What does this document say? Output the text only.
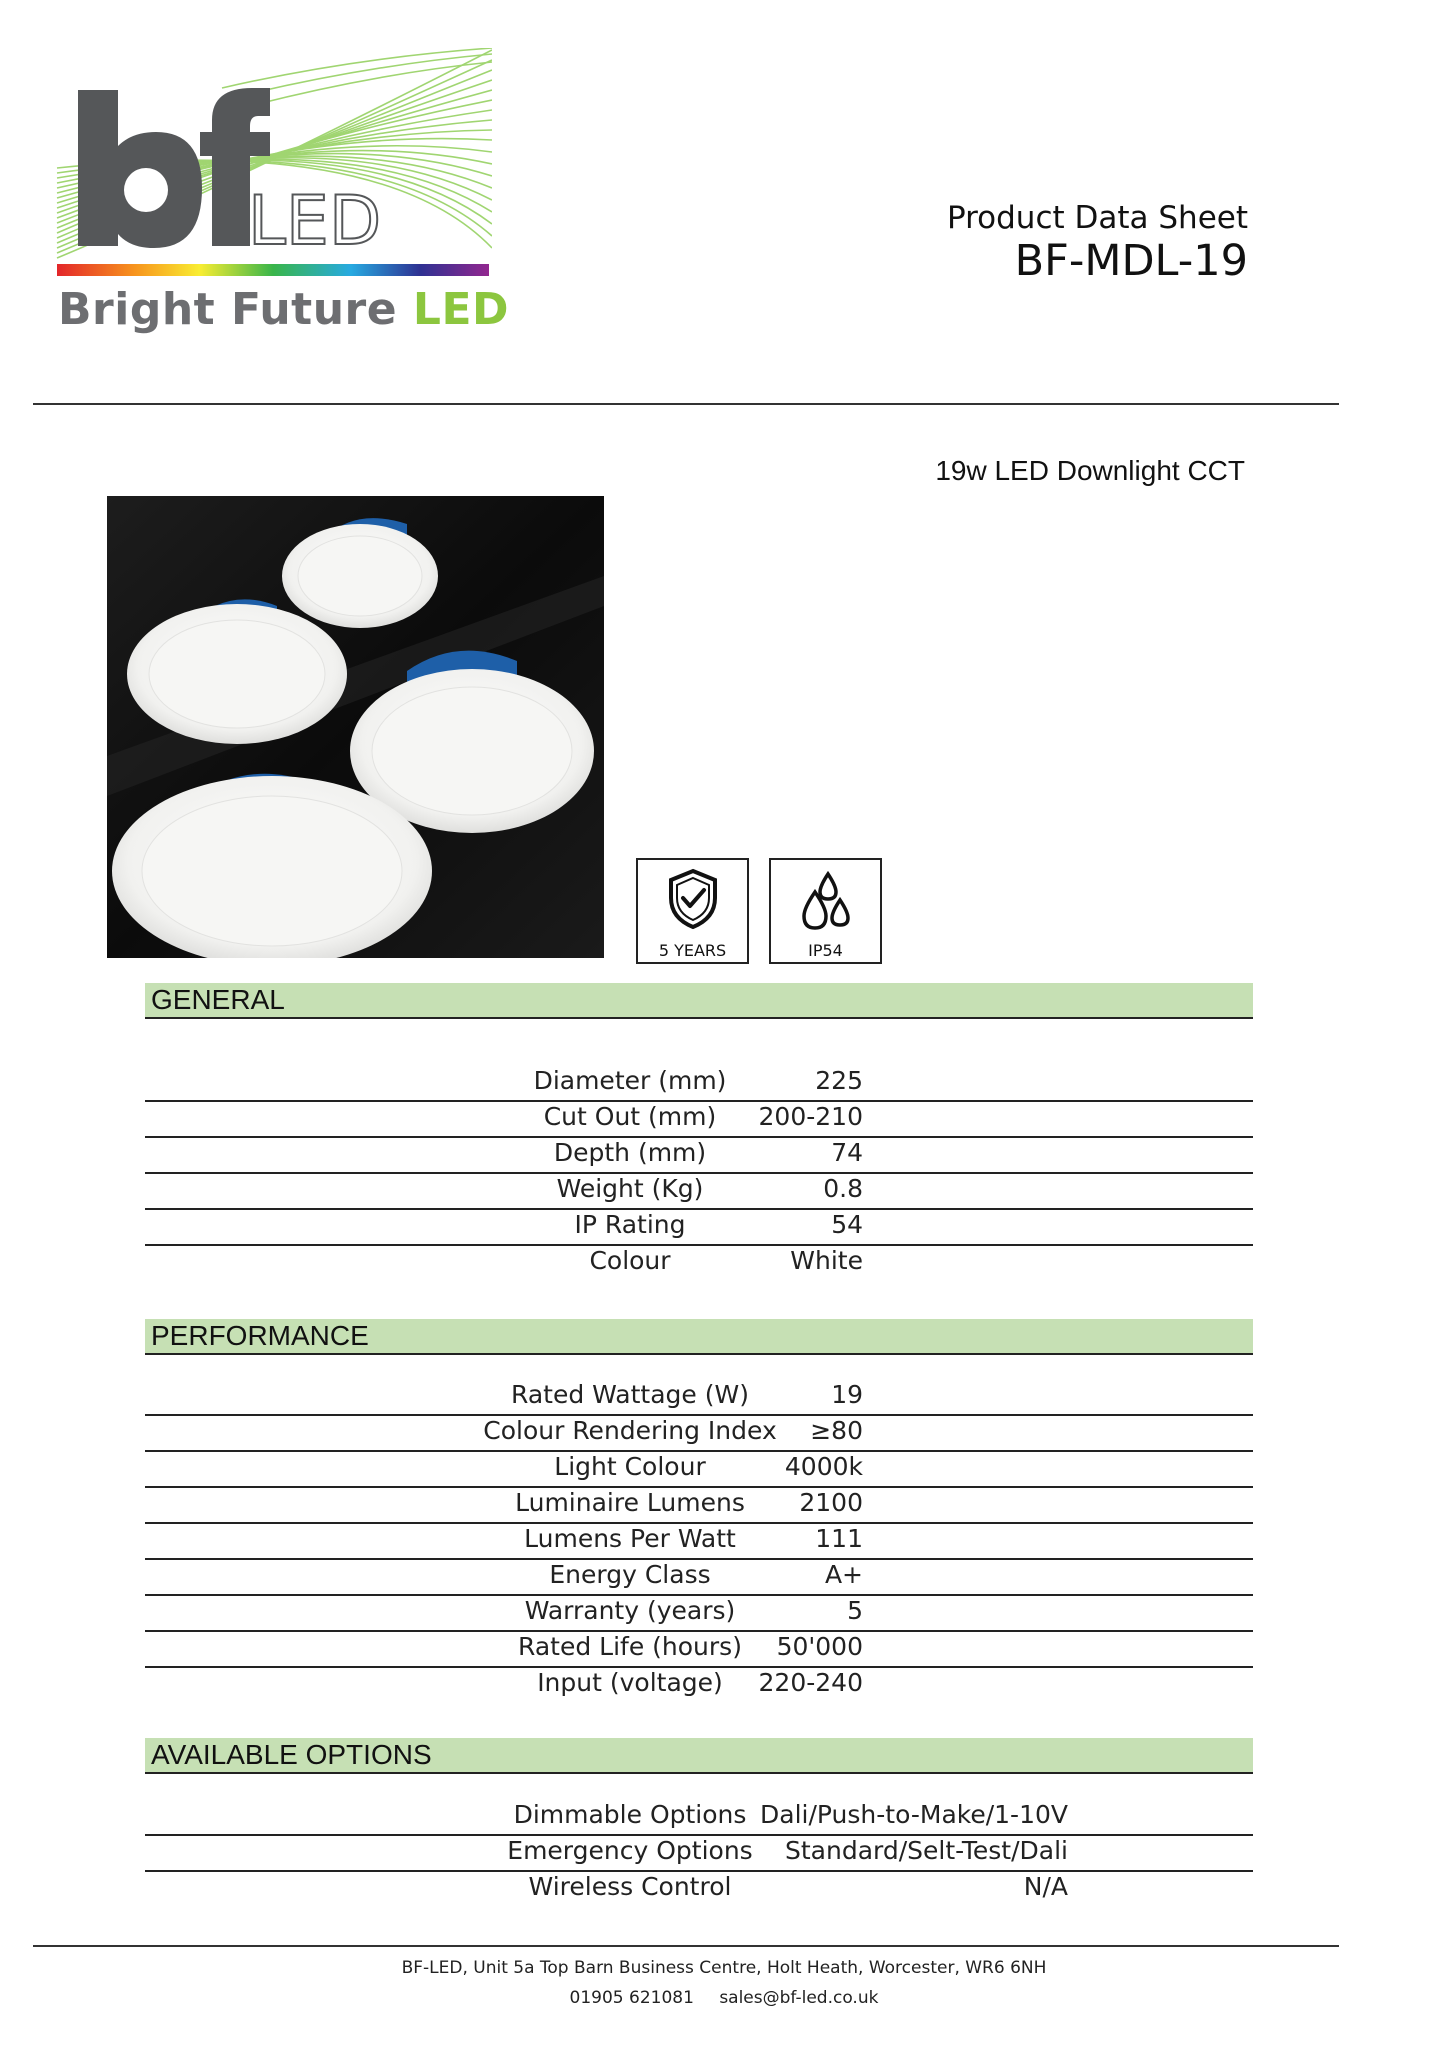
LED
Bright Future LED
Product Data Sheet
BF-MDL-19
19w LED Downlight CCT
5 YEARS	IP54
GENERAL
Diameter (mm)	225
Cut Out (mm)	200-210
Depth (mm)	74
Weight (Kg)	0.8
IP Rating	54
Colour	White
PERFORMANCE
Rated Wattage (W)	19
Colour Rendering Index	≥80
Light Colour	4000k
Luminaire Lumens	2100
Lumens Per Watt	111
Energy Class	A+
Warranty (years)	5
Rated Life (hours)	50'000
Input (voltage)	220-240
AVAILABLE OPTIONS
Dimmable Options Dali/Push-to-Make/1-10V
Emergency Options	Standard/Selt-Test/Dali
Wireless Control	N/A
BF-LED, Unit 5a Top Barn Business Centre, Holt Heath, Worcester, WR6 6NH
01905 621081 sales@bf-led.co.uk
